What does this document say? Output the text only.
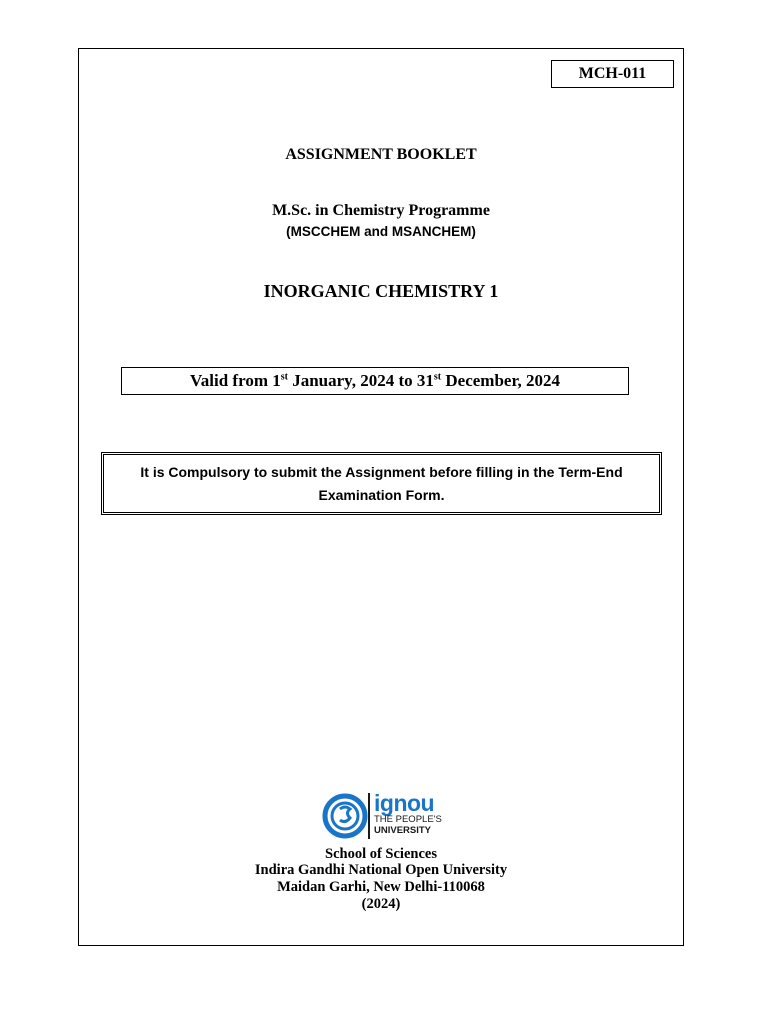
MCH-011
ASSIGNMENT BOOKLET
M.Sc. in Chemistry Programme
(MSCCHEM and MSANCHEM)
INORGANIC CHEMISTRY 1
Valid from 1st January, 2024 to 31st December, 2024
It is Compulsory to submit the Assignment before filling in the Term-End Examination Form.
ignou
THE PEOPLE'S
UNIVERSITY
School of Sciences
Indira Gandhi National Open University
Maidan Garhi, New Delhi-110068
(2024)
